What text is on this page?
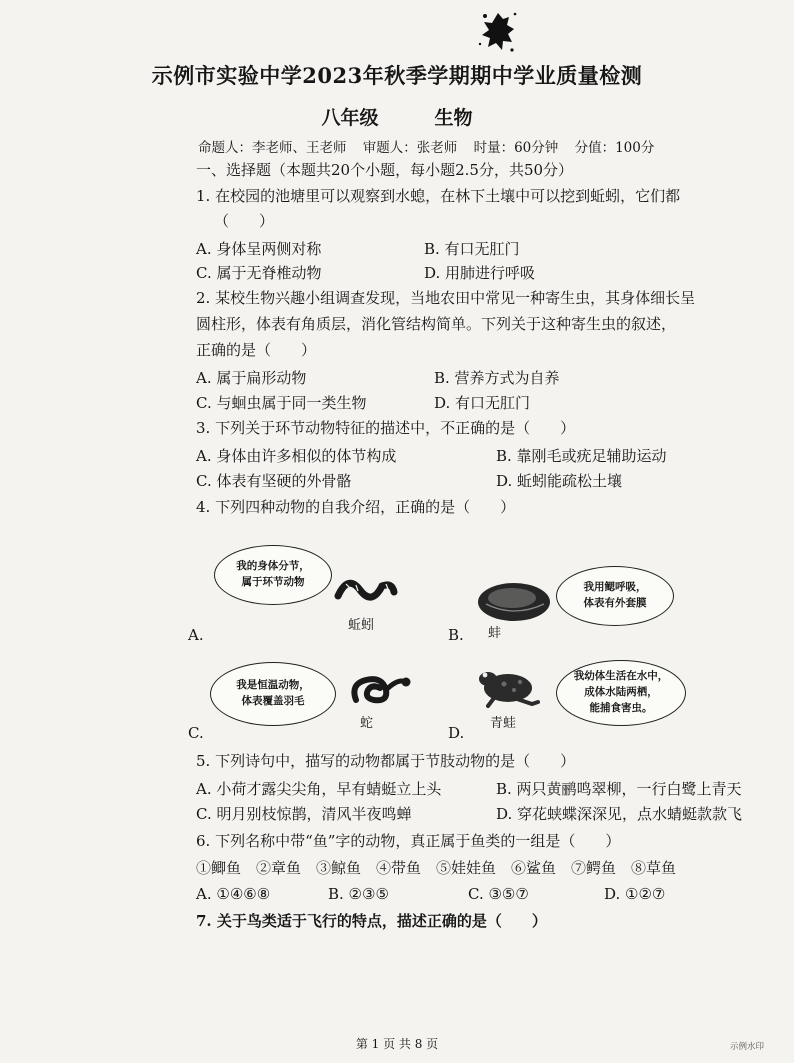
示例市实验中学2023年秋季学期期中学业质量检测
八年级	生物
命题人：李老师、王老师 审题人：张老师 时量：60分钟 分值：100分
一、选择题（本题共20个小题，每小题2.5分，共50分）
1. 在校园的池塘里可以观察到水螅，在林下土壤中可以挖到蚯蚓，它们都
（　　）
A. 身体呈两侧对称	B. 有口无肛门
C. 属于无脊椎动物	D. 用肺进行呼吸
2. 某校生物兴趣小组调查发现，当地农田中常见一种寄生虫，其身体细长呈
圆柱形，体表有角质层，消化管结构简单。下列关于这种寄生虫的叙述，
正确的是（　　）
A. 属于扁形动物	B. 营养方式为自养
C. 与蛔虫属于同一类生物	D. 有口无肛门
3. 下列关于环节动物特征的描述中，不正确的是（　　）
A. 身体由许多相似的体节构成	B. 靠刚毛或疣足辅助运动
C. 体表有坚硬的外骨骼	D. 蚯蚓能疏松土壤
4. 下列四种动物的自我介绍，正确的是（　　）
我的身体分节，
属于环节动物
蚯蚓
A.
我用鳃呼吸，
体表有外套膜
蚌
B.
我是恒温动物，
体表覆盖羽毛
蛇
C.
我幼体生活在水中，
成体水陆两栖，
能捕食害虫。
青蛙
D.
5. 下列诗句中，描写的动物都属于节肢动物的是（　　）
A. 小荷才露尖尖角，早有蜻蜓立上头	B. 两只黄鹂鸣翠柳，一行白鹭上青天
C. 明月别枝惊鹊，清风半夜鸣蝉	D. 穿花蛱蝶深深见，点水蜻蜓款款飞
6. 下列名称中带“鱼”字的动物，真正属于鱼类的一组是（　　）
①鲫鱼　②章鱼　③鲸鱼　④带鱼　⑤娃娃鱼　⑥鲨鱼　⑦鳄鱼　⑧草鱼
A. ①④⑥⑧	B. ②③⑤	C. ③⑤⑦	D. ①②⑦
7. 关于鸟类适于飞行的特点，描述正确的是（　　）
第 1 页 共 8 页	示例水印
